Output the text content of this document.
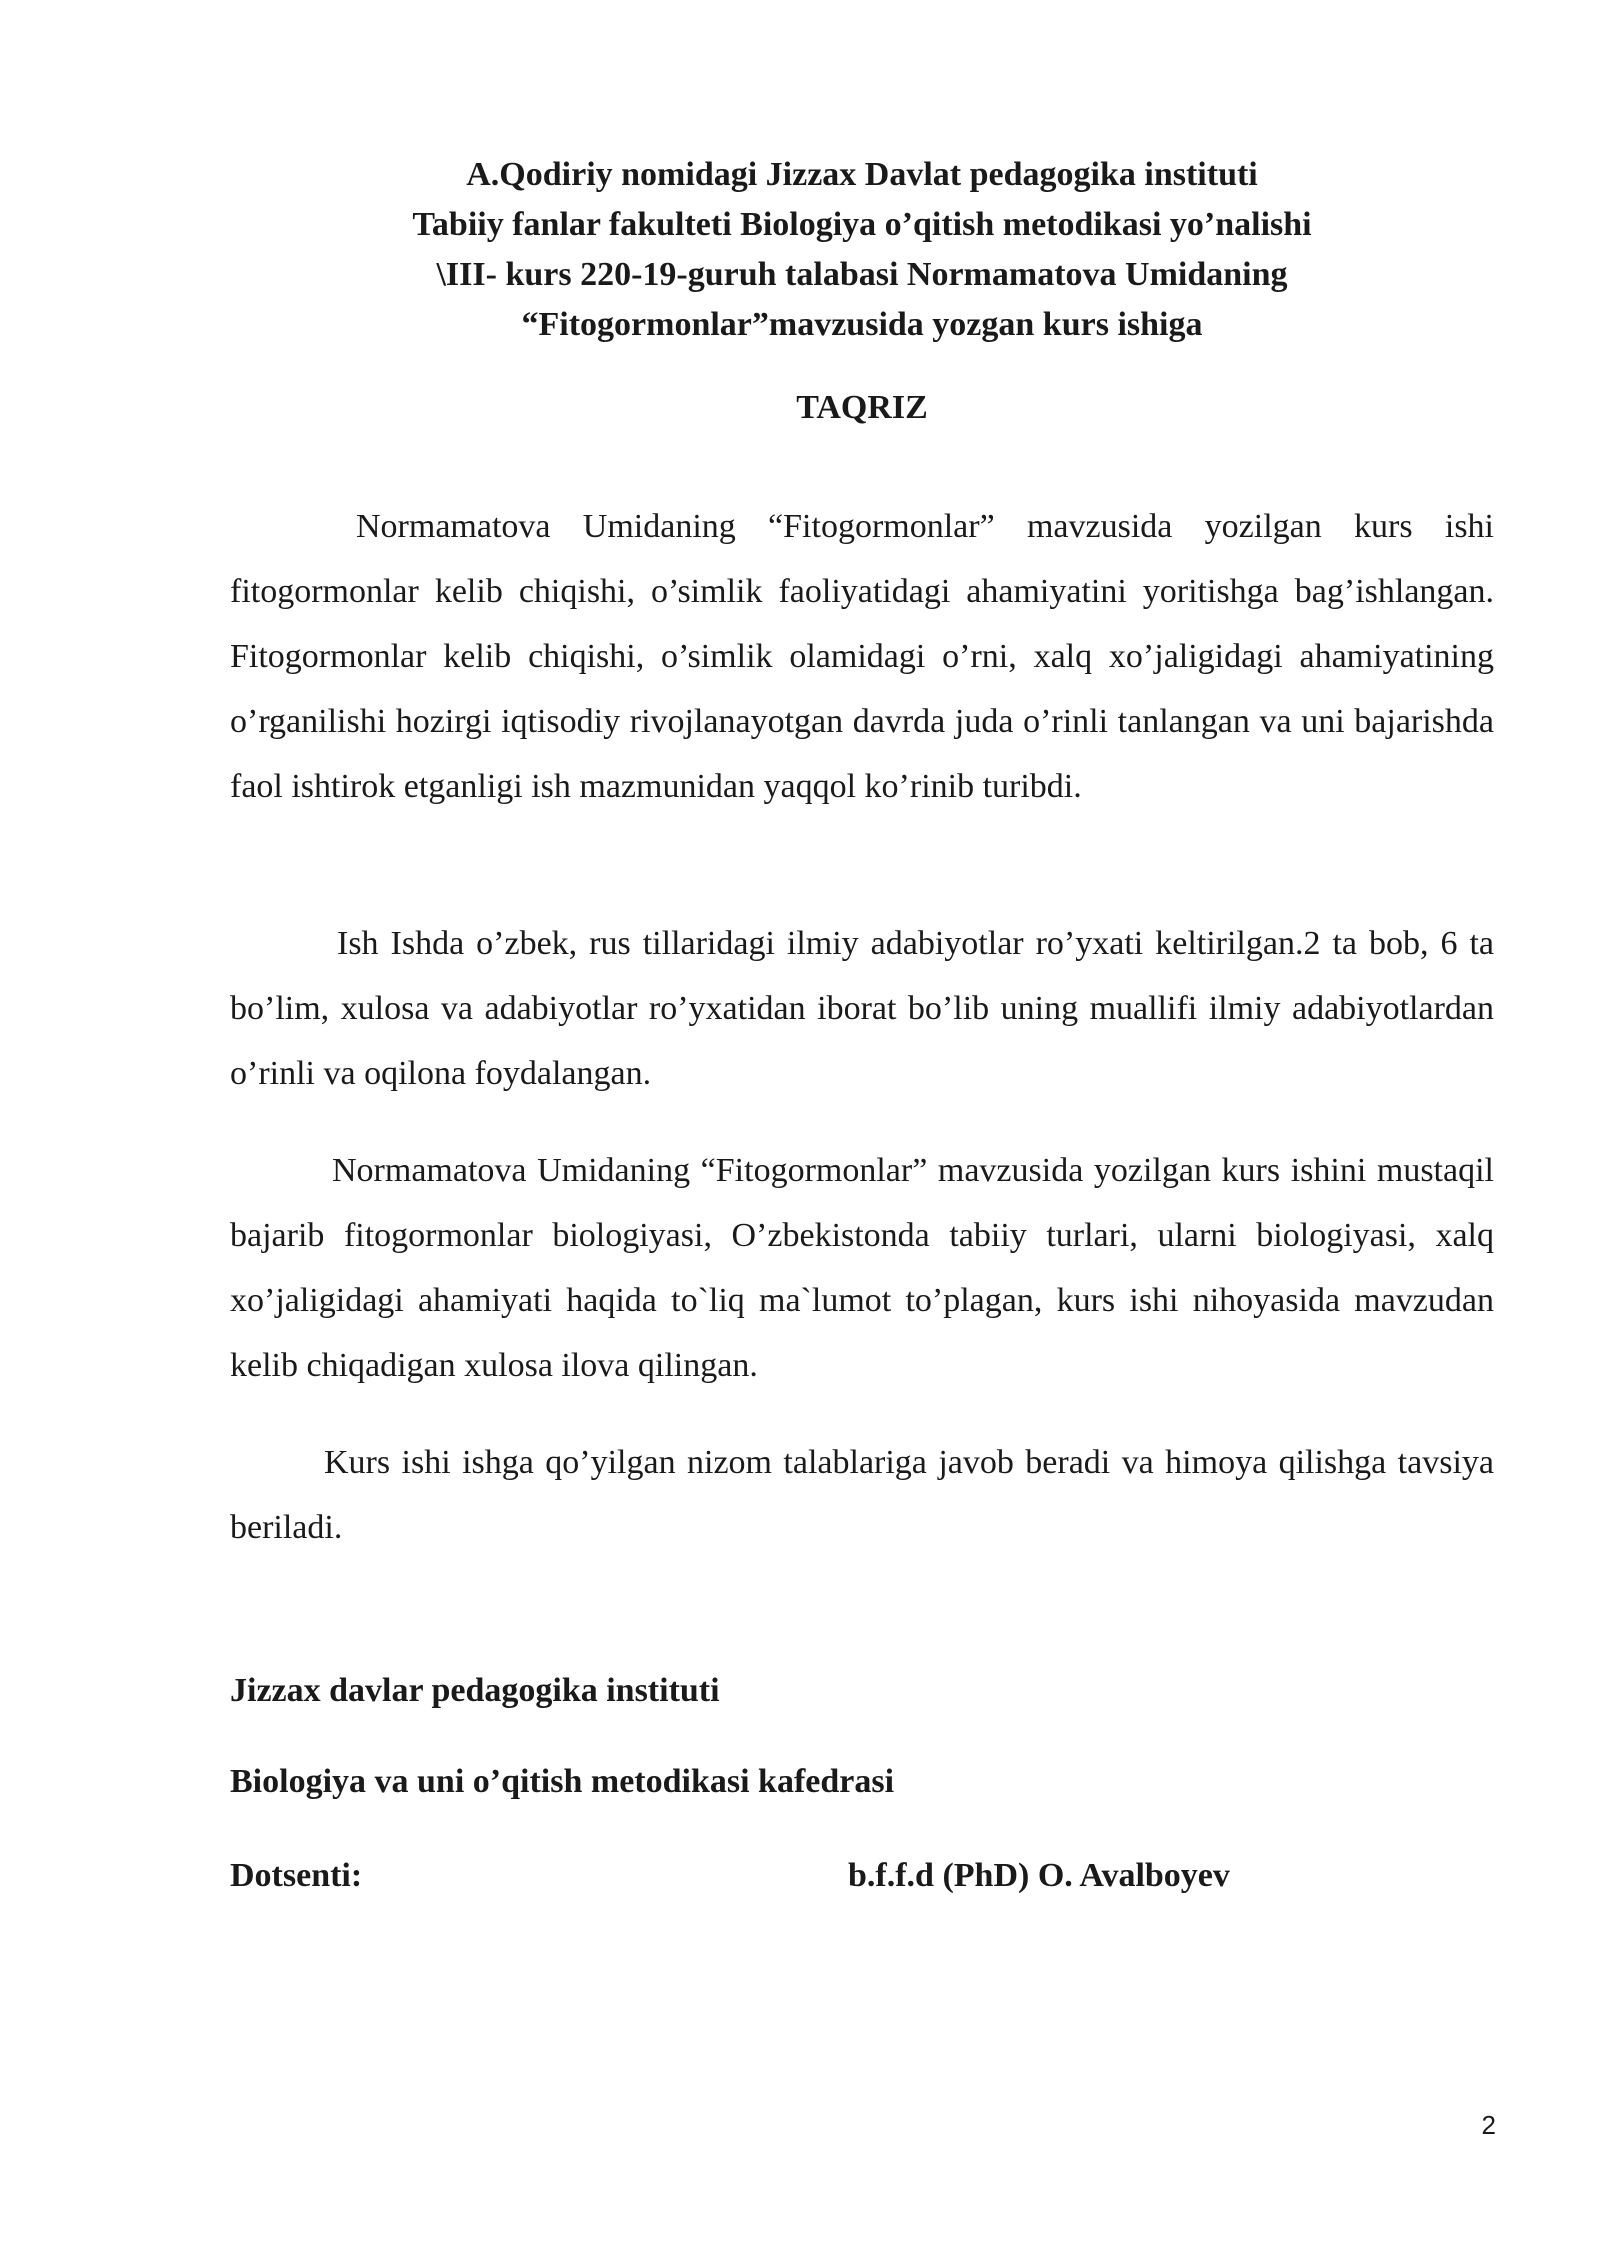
A.Qodiriy nomidagi Jizzax Davlat pedagogika instituti
Tabiiy fanlar fakulteti Biologiya o’qitish metodikasi yo’nalishi
\III- kurs 220-19-guruh talabasi Normamatova Umidaning
“Fitogormonlar”mavzusida yozgan kurs ishiga
TAQRIZ

Normamatova Umidaning “Fitogormonlar” mavzusida yozilgan kurs ishi fitogormonlar kelib chiqishi, o’simlik faoliyatidagi ahamiyatini yoritishga bag’ishlangan. Fitogormonlar kelib chiqishi, o’simlik olamidagi o’rni, xalq xo’jaligidagi ahamiyatining o’rganilishi hozirgi iqtisodiy rivojlanayotgan davrda juda o’rinli tanlangan va uni bajarishda faol ishtirok etganligi ish mazmunidan yaqqol ko’rinib turibdi.

Ish Ishda o’zbek, rus tillaridagi ilmiy adabiyotlar ro’yxati keltirilgan.2 ta bob, 6 ta bo’lim, xulosa va adabiyotlar ro’yxatidan iborat bo’lib uning muallifi ilmiy adabiyotlardan o’rinli va oqilona foydalangan.

Normamatova Umidaning “Fitogormonlar” mavzusida yozilgan kurs ishini mustaqil bajarib fitogormonlar biologiyasi, O’zbekistonda tabiiy turlari, ularni biologiyasi, xalq xo’jaligidagi ahamiyati haqida to`liq ma`lumot to’plagan, kurs ishi nihoyasida mavzudan kelib chiqadigan xulosa ilova qilingan.

Kurs ishi ishga qo’yilgan nizom talablariga javob beradi va himoya qilishga tavsiya beriladi.

Jizzax davlar pedagogika instituti
Biologiya va uni o’qitish metodikasi kafedrasi
Dotsenti:	b.f.f.d (PhD) O. Avalboyev
2
